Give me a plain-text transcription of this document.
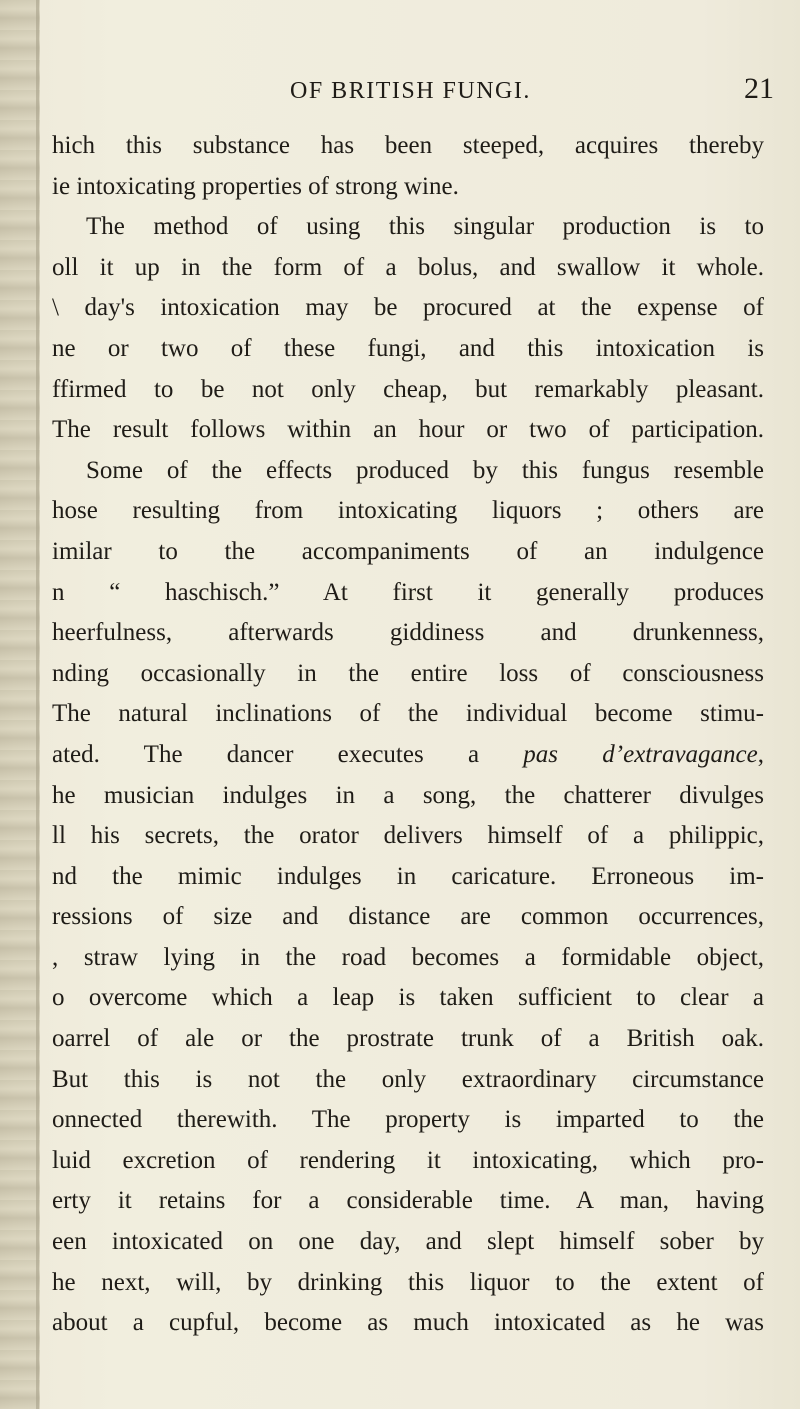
OF BRITISH FUNGI.	21
hich this substance has been steeped, acquires thereby
ie intoxicating properties of strong wine.
The method of using this singular production is to
oll it up in the form of a bolus, and swallow it whole.
\ day's intoxication may be procured at the expense of
ne or two of these fungi, and this intoxication is
ffirmed to be not only cheap, but remarkably pleasant.
The result follows within an hour or two of participation.
Some of the effects produced by this fungus resemble
hose resulting from intoxicating liquors ; others are
imilar to the accompaniments of an indulgence
n “ haschisch.” At first it generally produces
heerfulness, afterwards giddiness and drunkenness,
nding occasionally in the entire loss of consciousness
The natural inclinations of the individual become stimu-
ated. The dancer executes a pas d’extravagance,
he musician indulges in a song, the chatterer divulges
ll his secrets, the orator delivers himself of a philippic,
nd the mimic indulges in caricature. Erroneous im-
ressions of size and distance are common occurrences,
, straw lying in the road becomes a formidable object,
o overcome which a leap is taken sufficient to clear a
oarrel of ale or the prostrate trunk of a British oak.
But this is not the only extraordinary circumstance
onnected therewith. The property is imparted to the
luid excretion of rendering it intoxicating, which pro-
erty it retains for a considerable time. A man, having
een intoxicated on one day, and slept himself sober by
he next, will, by drinking this liquor to the extent of
about a cupful, become as much intoxicated as he was
